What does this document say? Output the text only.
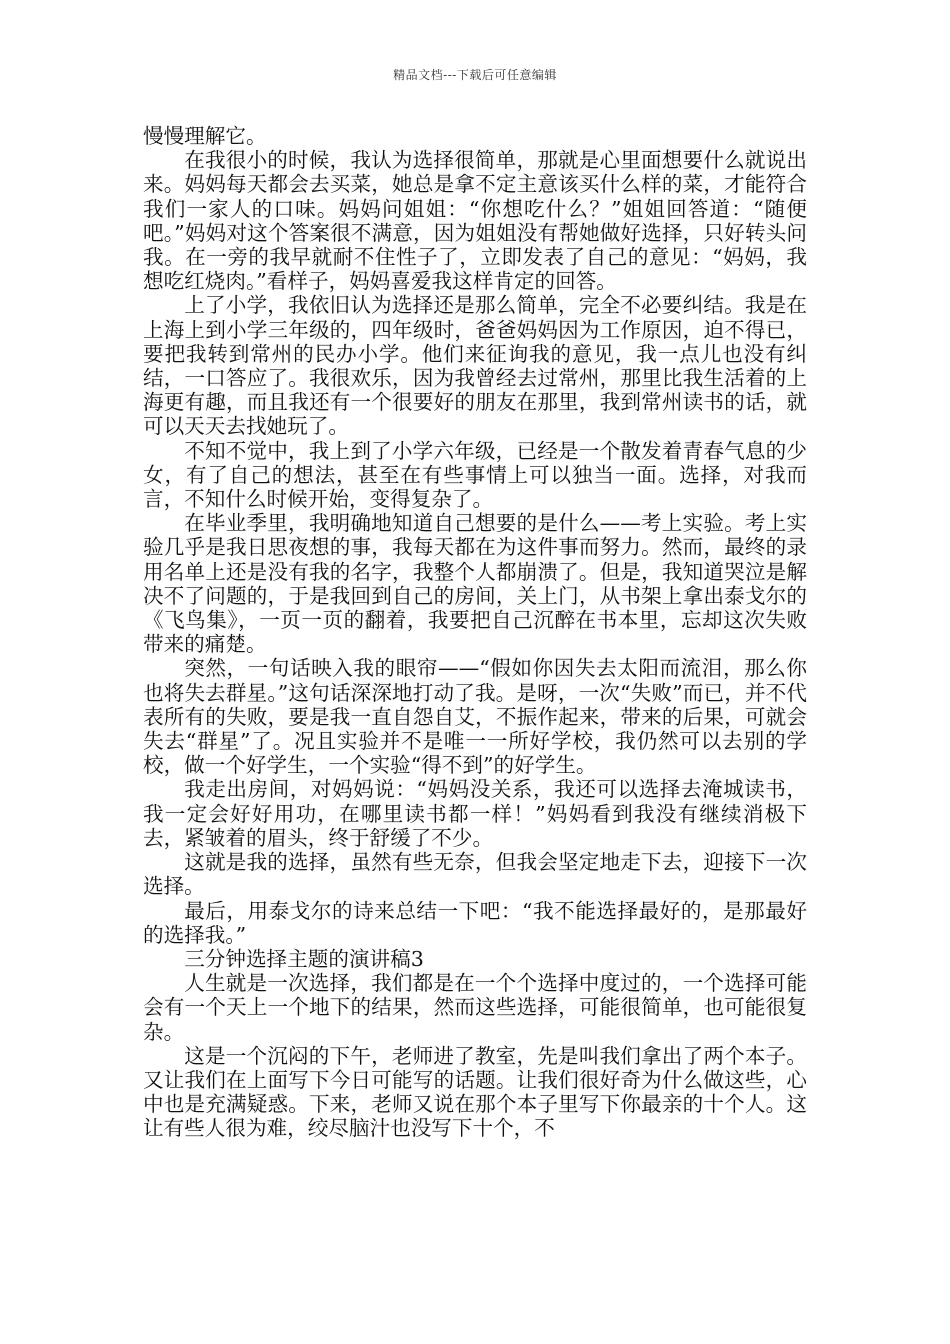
精品文档---下载后可任意编辑

慢慢理解它。

在我很小的时候，我认为选择很简单，那就是心里面想要什么就说出来。妈妈每天都会去买菜，她总是拿不定主意该买什么样的菜，才能符合我们一家人的口味。妈妈问姐姐：“你想吃什么？”姐姐回答道：“随便吧。”妈妈对这个答案很不满意，因为姐姐没有帮她做好选择，只好转头问我。在一旁的我早就耐不住性子了，立即发表了自己的意见：“妈妈，我想吃红烧肉。”看样子，妈妈喜爱我这样肯定的回答。

上了小学，我依旧认为选择还是那么简单，完全不必要纠结。我是在上海上到小学三年级的，四年级时，爸爸妈妈因为工作原因，迫不得已，要把我转到常州的民办小学。他们来征询我的意见，我一点儿也没有纠结，一口答应了。我很欢乐，因为我曾经去过常州，那里比我生活着的上海更有趣，而且我还有一个很要好的朋友在那里，我到常州读书的话，就可以天天去找她玩了。

不知不觉中，我上到了小学六年级，已经是一个散发着青春气息的少女，有了自己的想法，甚至在有些事情上可以独当一面。选择，对我而言，不知什么时候开始，变得复杂了。

在毕业季里，我明确地知道自己想要的是什么——考上实验。考上实验几乎是我日思夜想的事，我每天都在为这件事而努力。然而，最终的录用名单上还是没有我的名字，我整个人都崩溃了。但是，我知道哭泣是解决不了问题的，于是我回到自己的房间，关上门，从书架上拿出泰戈尔的《飞鸟集》，一页一页的翻着，我要把自己沉醉在书本里，忘却这次失败带来的痛楚。

突然，一句话映入我的眼帘——“假如你因失去太阳而流泪，那么你也将失去群星。”这句话深深地打动了我。是呀，一次“失败”而已，并不代表所有的失败，要是我一直自怨自艾，不振作起来，带来的后果，可就会失去“群星”了。况且实验并不是唯一一所好学校，我仍然可以去别的学校，做一个好学生，一个实验“得不到”的好学生。

我走出房间，对妈妈说：“妈妈没关系，我还可以选择去淹城读书，我一定会好好用功，在哪里读书都一样！”妈妈看到我没有继续消极下去，紧皱着的眉头，终于舒缓了不少。

这就是我的选择，虽然有些无奈，但我会坚定地走下去，迎接下一次选择。

最后，用泰戈尔的诗来总结一下吧：“我不能选择最好的，是那最好的选择我。”

三分钟选择主题的演讲稿3

人生就是一次选择，我们都是在一个个选择中度过的，一个选择可能会有一个天上一个地下的结果，然而这些选择，可能很简单，也可能很复杂。

这是一个沉闷的下午，老师进了教室，先是叫我们拿出了两个本子。又让我们在上面写下今日可能写的话题。让我们很好奇为什么做这些，心中也是充满疑惑。下来，老师又说在那个本子里写下你最亲的十个人。这让有些人很为难，绞尽脑汁也没写下十个，不
